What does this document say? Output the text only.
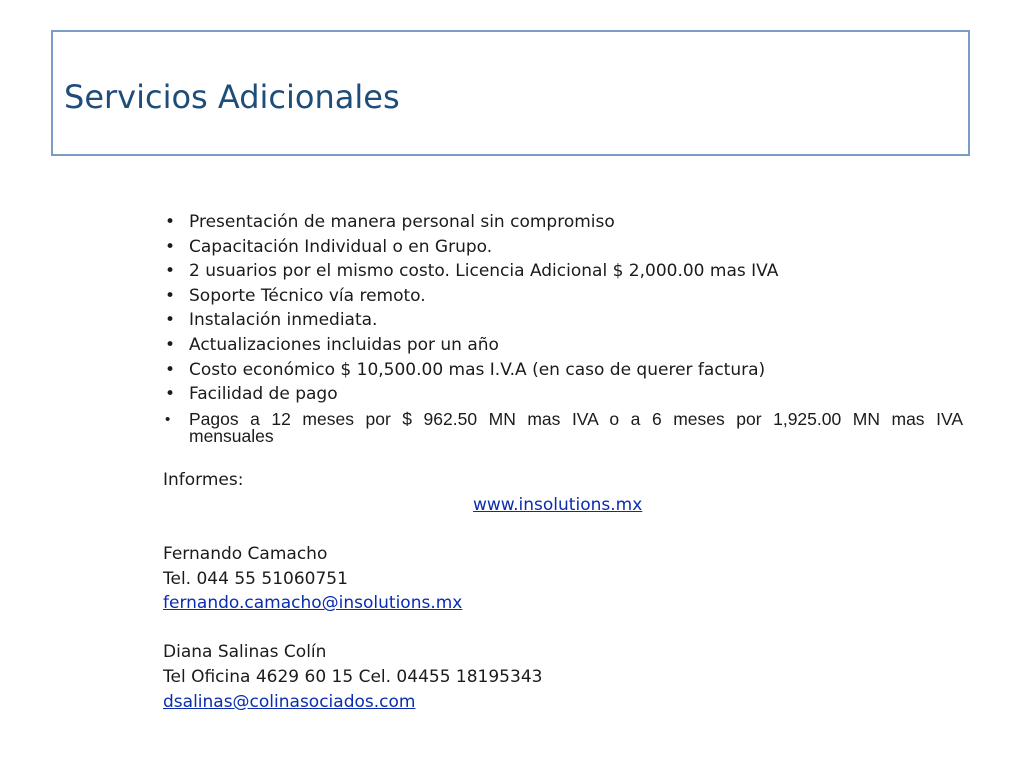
Servicios Adicionales
• Presentación de manera personal sin compromiso
• Capacitación Individual o en Grupo.
• 2 usuarios por el mismo costo. Licencia Adicional $ 2,000.00 mas IVA
• Soporte Técnico vía remoto.
• Instalación inmediata.
• Actualizaciones incluidas por un año
• Costo económico $ 10,500.00 mas I.V.A (en caso de querer factura)
• Facilidad de pago
• Pagos a 12 meses por $ 962.50 MN mas IVA o a 6 meses por 1,925.00 MN mas IVA
mensuales
Informes:
www.insolutions.mx
Fernando Camacho
Tel. 044 55 51060751
fernando.camacho@insolutions.mx
Diana Salinas Colín
Tel Oficina 4629 60 15 Cel. 04455 18195343
dsalinas@colinasociados.com
